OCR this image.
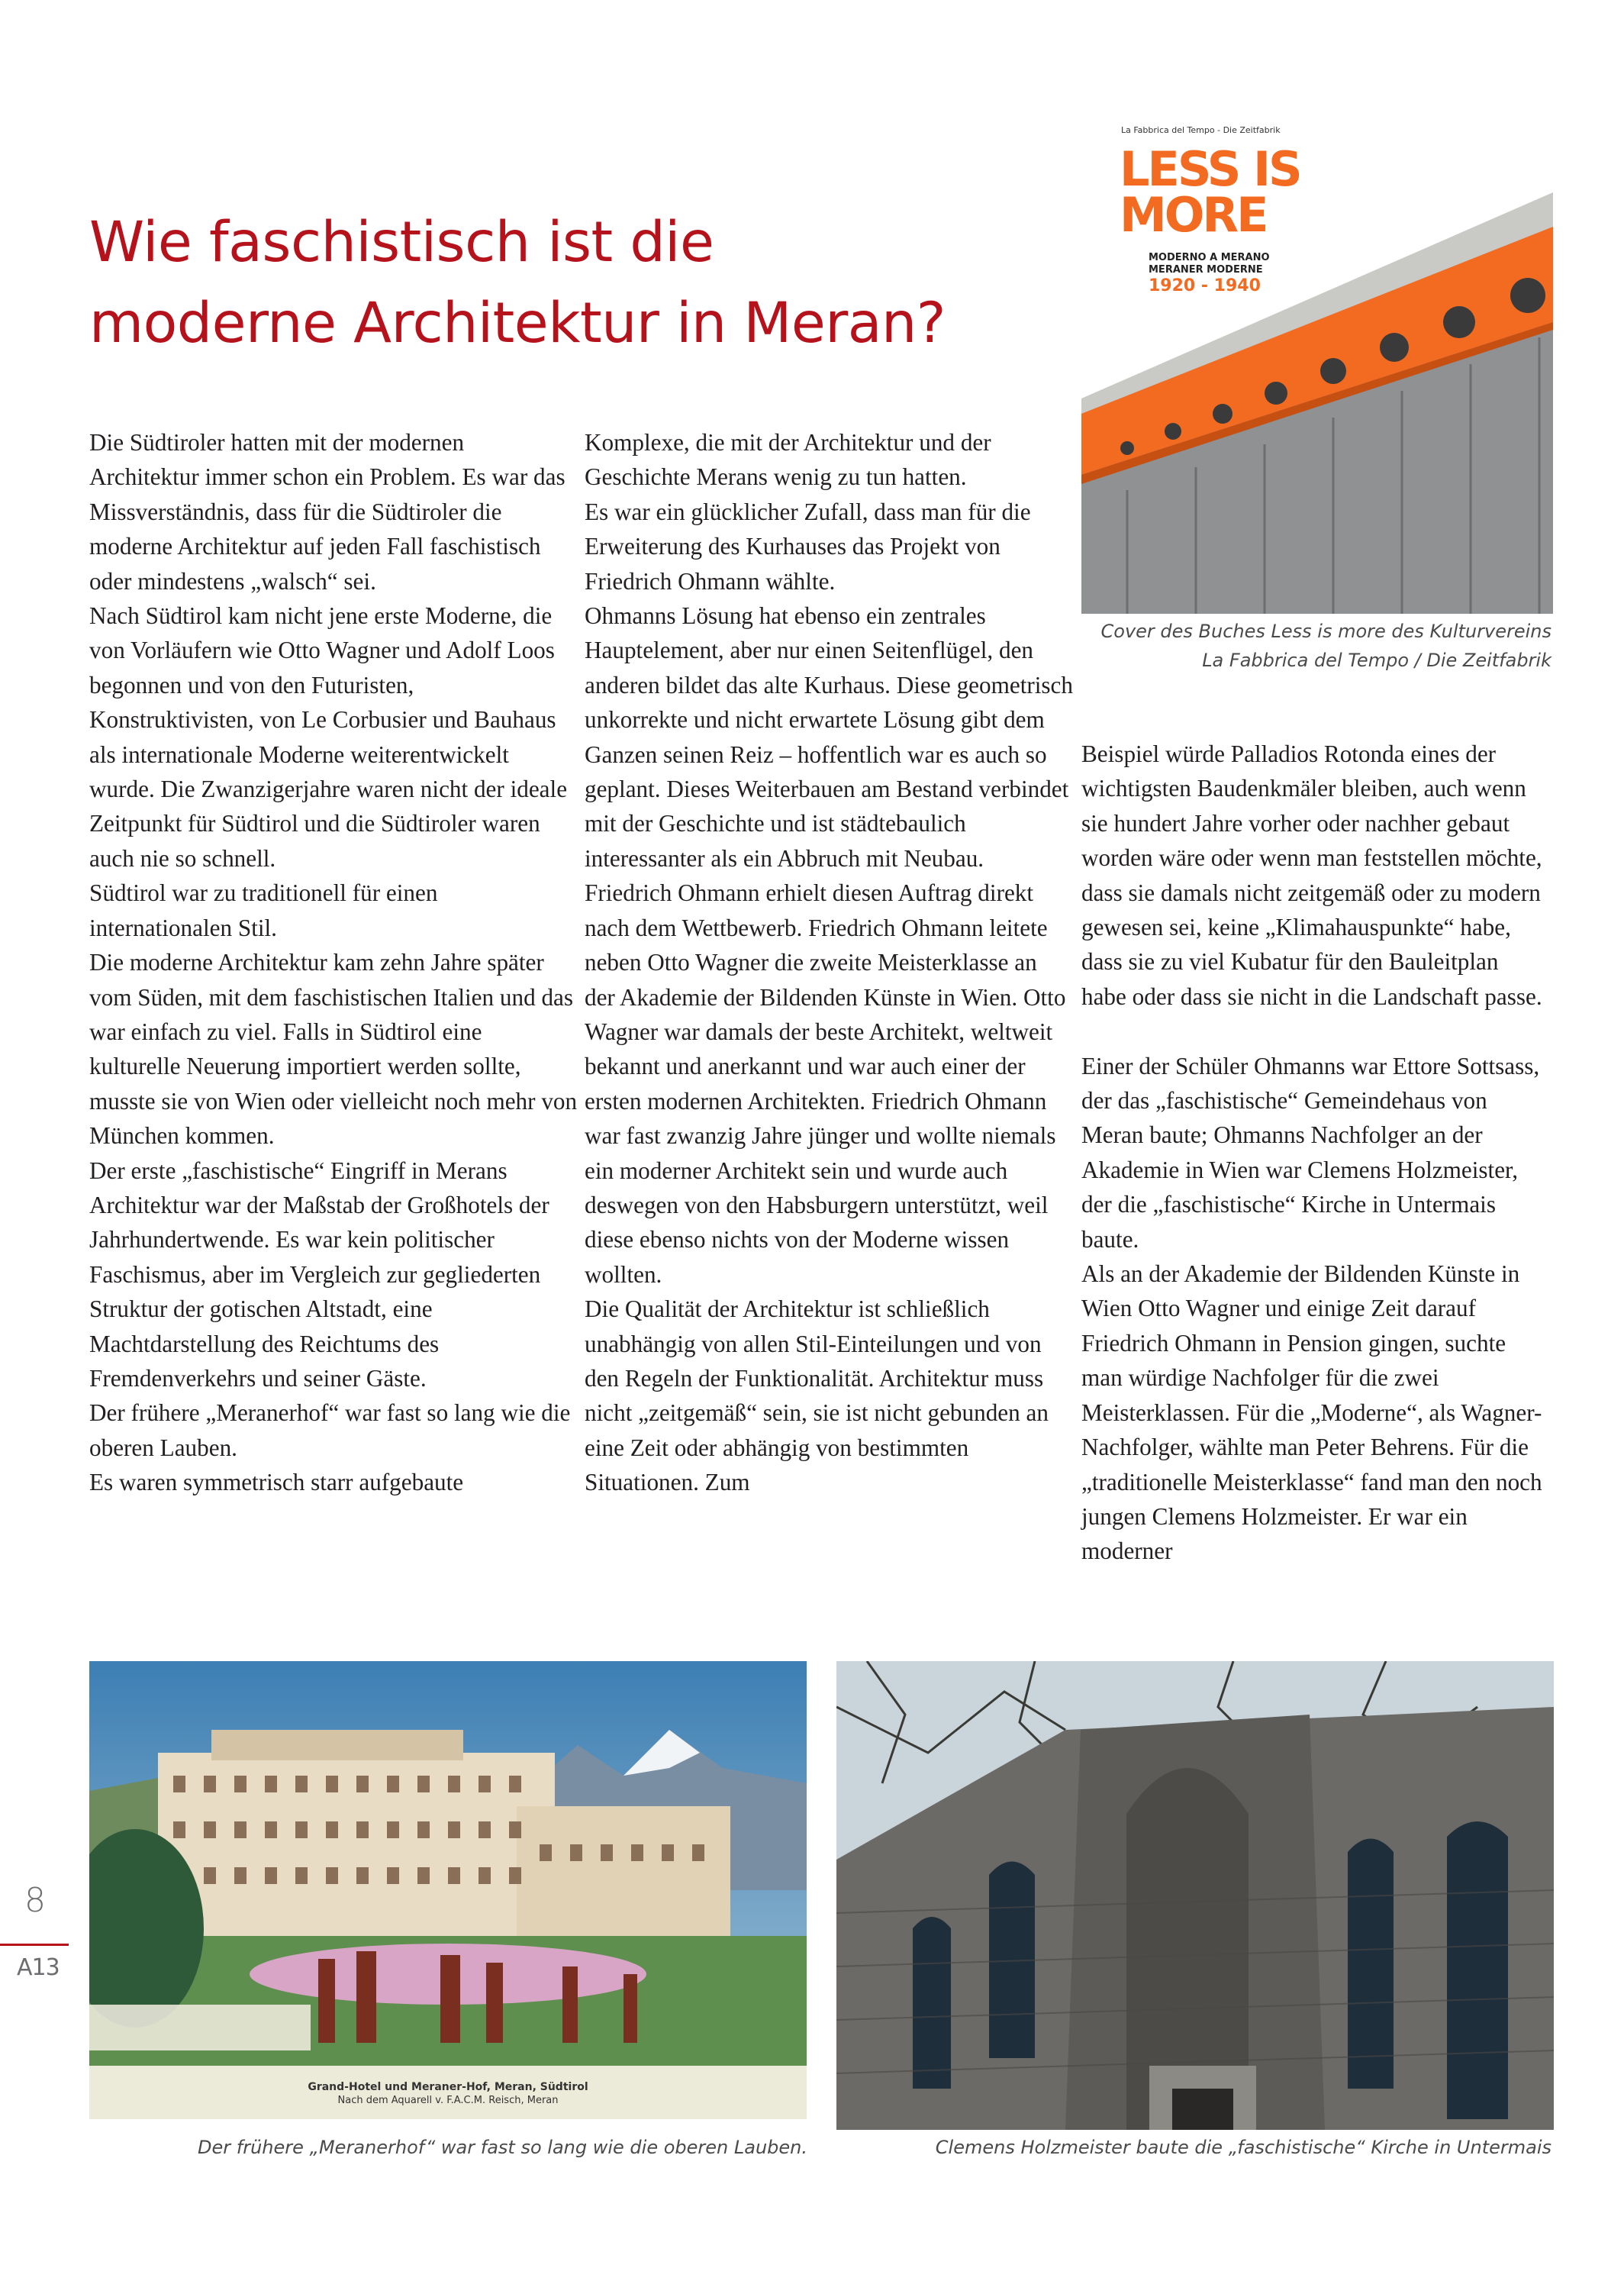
Wie faschistisch ist die
moderne Architektur in Meran?

Die Südtiroler hatten mit der modernen Architektur immer schon ein Problem. Es war das Missverständnis, dass für die Südtiroler die moderne Architektur auf jeden Fall faschistisch oder mindestens „walsch“ sei.

Nach Südtirol kam nicht jene erste Moderne, die von Vorläufern wie Otto Wagner und Adolf Loos begonnen und von den Futuristen, Konstruktivisten, von Le Corbusier und Bauhaus als internationale Moderne weiterentwickelt wurde. Die Zwanzigerjahre waren nicht der ideale Zeitpunkt für Südtirol und die Südtiroler waren auch nie so schnell.

Südtirol war zu traditionell für einen internationalen Stil.

Die moderne Architektur kam zehn Jahre später vom Süden, mit dem faschistischen Italien und das war einfach zu viel. Falls in Südtirol eine kulturelle Neuerung importiert werden sollte, musste sie von Wien oder vielleicht noch mehr von München kommen.

Der erste „faschistische“ Eingriff in Merans Architektur war der Maßstab der Großhotels der Jahrhundertwende. Es war kein politischer Faschismus, aber im Vergleich zur gegliederten Struktur der gotischen Altstadt, eine Machtdarstellung des Reichtums des Fremdenverkehrs und seiner Gäste.

Der frühere „Meranerhof“ war fast so lang wie die oberen Lauben.

Es waren symmetrisch starr aufgebaute

Komplexe, die mit der Architektur und der Geschichte Merans wenig zu tun hatten.

Es war ein glücklicher Zufall, dass man für die Erweiterung des Kurhauses das Projekt von Friedrich Ohmann wählte.

Ohmanns Lösung hat ebenso ein zentrales Hauptelement, aber nur einen Seitenflügel, den anderen bildet das alte Kurhaus. Diese geometrisch unkorrekte und nicht erwartete Lösung gibt dem Ganzen seinen Reiz – hoffentlich war es auch so geplant. Dieses Weiterbauen am Bestand verbindet mit der Geschichte und ist städtebaulich interessanter als ein Abbruch mit Neubau.

Friedrich Ohmann erhielt diesen Auftrag direkt nach dem Wettbewerb. Friedrich Ohmann leitete neben Otto Wagner die zweite Meisterklasse an der Akademie der Bildenden Künste in Wien. Otto Wagner war damals der beste Architekt, weltweit bekannt und anerkannt und war auch einer der ersten modernen Architekten. Friedrich Ohmann war fast zwanzig Jahre jünger und wollte niemals ein moderner Architekt sein und wurde auch deswegen von den Habsburgern unterstützt, weil diese ebenso nichts von der Moderne wissen wollten.

Die Qualität der Architektur ist schließlich unabhängig von allen Stil-Einteilungen und von den Regeln der Funktionalität. Architektur muss nicht „zeitgemäß“ sein, sie ist nicht gebunden an eine Zeit oder abhängig von bestimmten Situationen. Zum

Beispiel würde Palladios Rotonda eines der wichtigsten Baudenkmäler bleiben, auch wenn sie hundert Jahre vorher oder nachher gebaut worden wäre oder wenn man feststellen möchte, dass sie damals nicht zeitgemäß oder zu modern gewesen sei, keine „Klimahauspunkte“ habe, dass sie zu viel Kubatur für den Bauleitplan habe oder dass sie nicht in die Landschaft passe.

Einer der Schüler Ohmanns war Ettore Sottsass, der das „faschistische“ Gemeindehaus von Meran baute; Ohmanns Nachfolger an der Akademie in Wien war Clemens Holzmeister, der die „faschistische“ Kirche in Untermais baute.

Als an der Akademie der Bildenden Künste in Wien Otto Wagner und einige Zeit darauf Friedrich Ohmann in Pension gingen, suchte man würdige Nachfolger für die zwei Meisterklassen. Für die „Moderne“, als Wagner-Nachfolger, wählte man Peter Behrens. Für die „traditionelle Meisterklasse“ fand man den noch jungen Clemens Holzmeister. Er war ein moderner

La Fabbrica del Tempo - Die Zeitfabrik
LESS IS
MORE
MODERNO A MERANO
MERANER MODERNE
1920 - 1940
Cover des Buches Less is more des Kulturvereins
La Fabbrica del Tempo / Die Zeitfabrik
Grand-Hotel und Meraner-Hof, Meran, Südtirol
Nach dem Aquarell v. F.A.C.M. Reisch, Meran
Der frühere „Meranerhof“ war fast so lang wie die oberen Lauben.	Clemens Holzmeister baute die „faschistische“ Kirche in Untermais
8
A13
